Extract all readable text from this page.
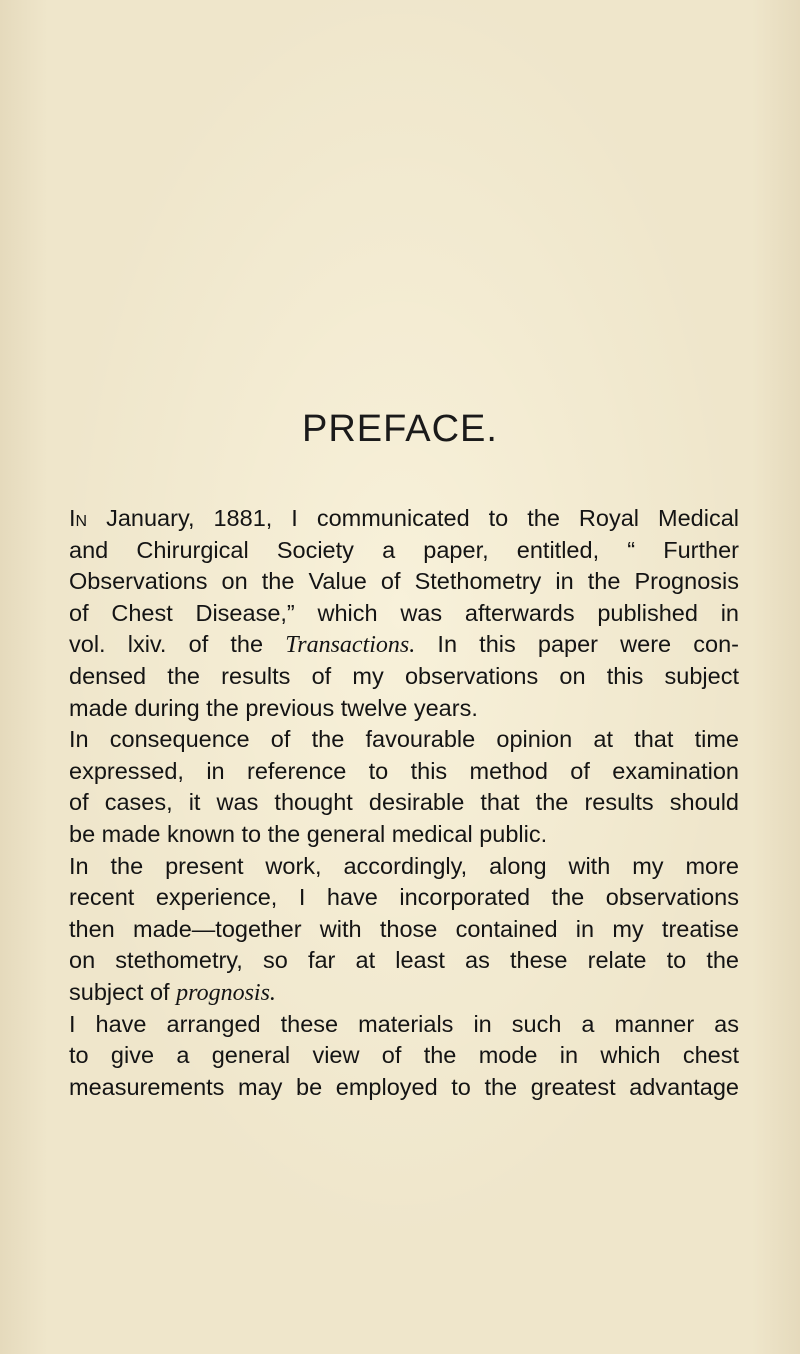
PREFACE.
In January, 1881, I communicated to the Royal Medical
and Chirurgical Society a paper, entitled, “ Further
Observations on the Value of Stethometry in the Prognosis
of Chest Disease,” which was afterwards published in
vol. lxiv. of the Transactions. In this paper were con-
densed the results of my observations on this subject
made during the previous twelve years.
In consequence of the favourable opinion at that time
expressed, in reference to this method of examination
of cases, it was thought desirable that the results should
be made known to the general medical public.
In the present work, accordingly, along with my more
recent experience, I have incorporated the observations
then made—together with those contained in my treatise
on stethometry, so far at least as these relate to the
subject of prognosis.
I have arranged these materials in such a manner as
to give a general view of the mode in which chest
measurements may be employed to the greatest advantage
